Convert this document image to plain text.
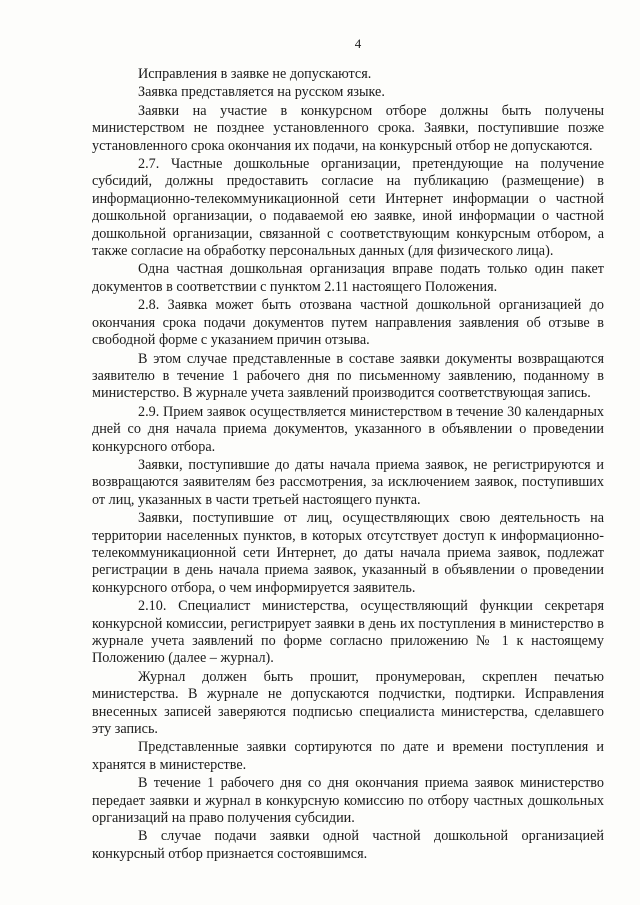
4

Исправления в заявке не допускаются.

Заявка представляется на русском языке.

Заявки на участие в конкурсном отборе должны быть получены министерством не позднее установленного срока. Заявки, поступившие позже установленного срока окончания их подачи, на конкурсный отбор не допускаются.

2.7. Частные дошкольные организации, претендующие на получение субсидий, должны предоставить согласие на публикацию (размещение) в информационно-телекоммуникационной сети Интернет информации о частной дошкольной организации, о подаваемой ею заявке, иной информации о частной дошкольной организации, связанной с соответствующим конкурсным отбором, а также согласие на обработку персональных данных (для физического лица).

Одна частная дошкольная организация вправе подать только один пакет документов в соответствии с пунктом 2.11 настоящего Положения.

2.8. Заявка может быть отозвана частной дошкольной организацией до окончания срока подачи документов путем направления заявления об отзыве в свободной форме с указанием причин отзыва.

В этом случае представленные в составе заявки документы возвращаются заявителю в течение 1 рабочего дня по письменному заявлению, поданному в министерство. В журнале учета заявлений производится соответствующая запись.

2.9. Прием заявок осуществляется министерством в течение 30 календарных дней со дня начала приема документов, указанного в объявлении о проведении конкурсного отбора.

Заявки, поступившие до даты начала приема заявок, не регистрируются и возвращаются заявителям без рассмотрения, за исключением заявок, поступивших от лиц, указанных в части третьей настоящего пункта.

Заявки, поступившие от лиц, осуществляющих свою деятельность на территории населенных пунктов, в которых отсутствует доступ к информационно-телекоммуникационной сети Интернет, до даты начала приема заявок, подлежат регистрации в день начала приема заявок, указанный в объявлении о проведении конкурсного отбора, о чем информируется заявитель.

2.10. Специалист министерства, осуществляющий функции секретаря конкурсной комиссии, регистрирует заявки в день их поступления в министерство в журнале учета заявлений по форме согласно приложению № 1 к настоящему Положению (далее – журнал).

Журнал должен быть прошит, пронумерован, скреплен печатью министерства. В журнале не допускаются подчистки, подтирки. Исправления внесенных записей заверяются подписью специалиста министерства, сделавшего эту запись.

Представленные заявки сортируются по дате и времени поступления и хранятся в министерстве.

В течение 1 рабочего дня со дня окончания приема заявок министерство передает заявки и журнал в конкурсную комиссию по отбору частных дошкольных организаций на право получения субсидии.

В случае подачи заявки одной частной дошкольной организацией конкурсный отбор признается состоявшимся.
